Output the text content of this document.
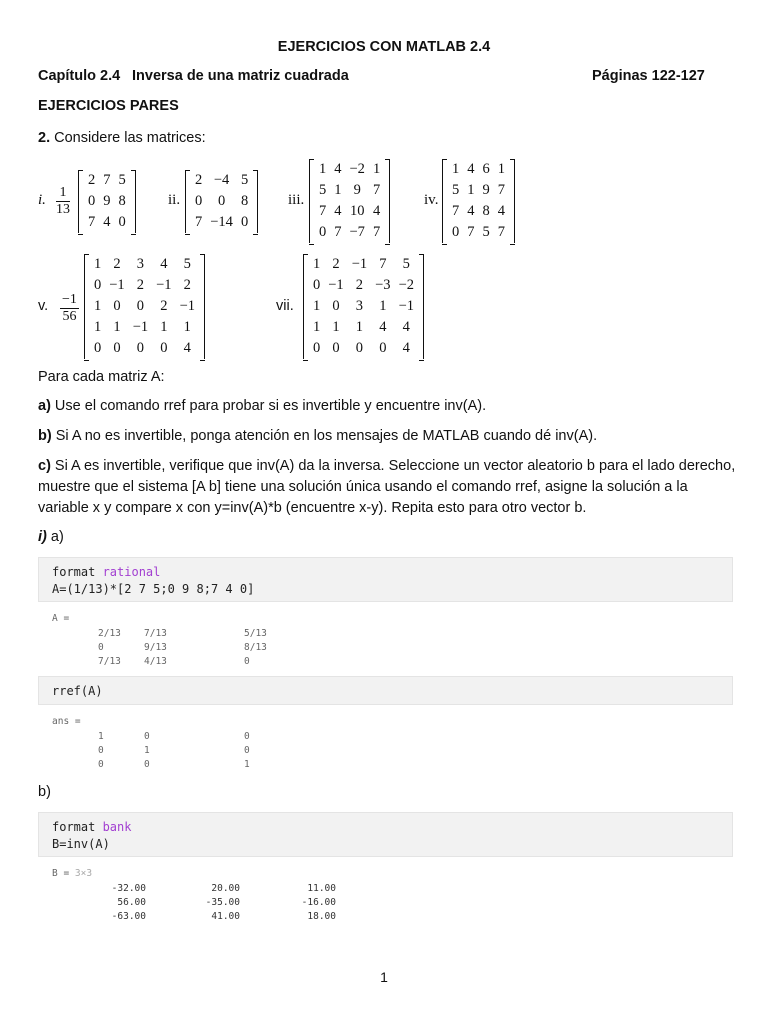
EJERCICIOS CON MATLAB 2.4
Capítulo 2.4 Inversa de una matriz cuadrada	Páginas 122-127
EJERCICIOS PARES
2. Considere las matrices:
i. $\frac{1}{13}$
2	7	5
0	9	8
7	4	0
ii.
2	−4	5
0	0	8
7	−14	0
iii.
1	4	−2	1
5	1	9	7
7	4	10	4
0	7	−7	7
iv.
1	4	6	1
5	1	9	7
7	4	8	4
0	7	5	7
v. $\frac{-1}{56}$
1	2	3	4	5
0	−1	2	−1	2
1	0	0	2	−1
1	1	−1	1	1
0	0	0	0	4
vii.
1	2	−1	7	5
0	−1	2	−3	−2
1	0	3	1	−1
1	1	1	4	4
0	0	0	0	4
Para cada matriz A:
a) Use el comando rref para probar si es invertible y encuentre inv(A).
b) Si A no es invertible, ponga atención en los mensajes de MATLAB cuando dé inv(A).
c) Si A es invertible, verifique que inv(A) da la inversa. Seleccione un vector aleatorio b para el lado derecho, muestre que el sistema [A b] tiene una solución única usando el comando rref, asigne la solución a la variable x y compare x con y=inv(A)*b (encuentre x-y). Repita esto para otro vector b.
i) a)
format rational
A=(1/13)*[2 7 5;0 9 8;7 4 0]
A =
2/13	7/13	5/13
0	9/13	8/13
7/13	4/13	0
rref(A)
ans =
1	0	0
0	1	0
0	0	1
b)
format bank
B=inv(A)
B = 3×3
-32.00	20.00	11.00
56.00	-35.00	-16.00
-63.00	41.00	18.00
1
